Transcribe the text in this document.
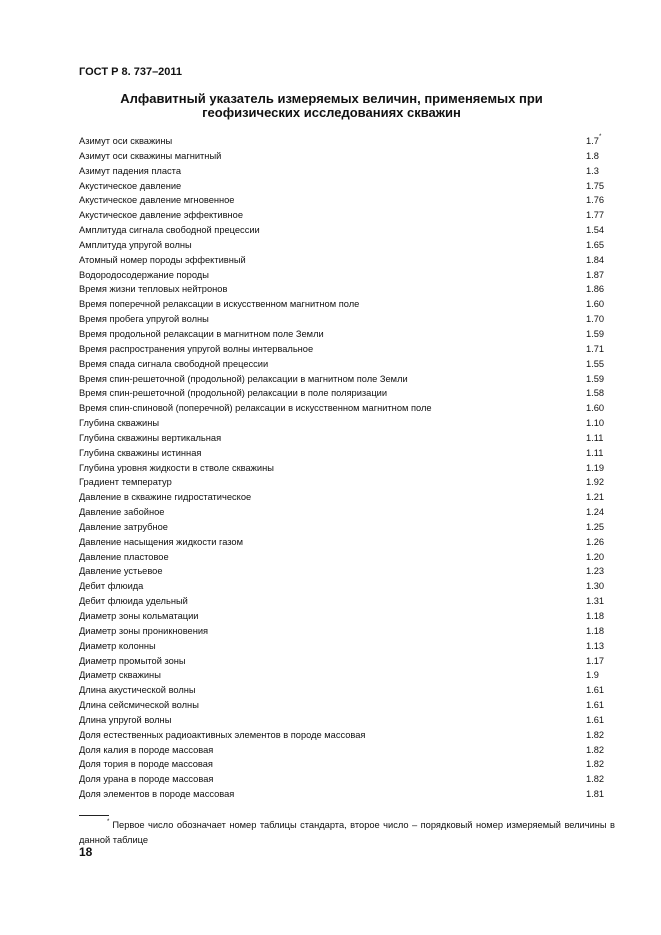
ГОСТ Р 8. 737–2011
Алфавитный указатель измеряемых величин, применяемых при
геофизических исследованиях скважин
Азимут оси скважины	1.7*
Азимут оси скважины магнитный	1.8
Азимут падения пласта	1.3
Акустическое давление	1.75
Акустическое давление мгновенное	1.76
Акустическое давление эффективное	1.77
Амплитуда сигнала свободной прецессии	1.54
Амплитуда упругой волны	1.65
Атомный номер породы эффективный	1.84
Водородосодержание породы	1.87
Время жизни тепловых нейтронов	1.86
Время поперечной релаксации в искусственном магнитном поле	1.60
Время пробега упругой волны	1.70
Время продольной релаксации в магнитном поле Земли	1.59
Время распространения упругой волны интервальное	1.71
Время спада сигнала свободной прецессии	1.55
Время спин-решеточной (продольной) релаксации в магнитном поле Земли	1.59
Время спин-решеточной (продольной) релаксации в поле поляризации	1.58
Время спин-спиновой (поперечной) релаксации в искусственном магнитном поле	1.60
Глубина скважины	1.10
Глубина скважины вертикальная	1.11
Глубина скважины истинная	1.11
Глубина уровня жидкости в стволе скважины	1.19
Градиент температур	1.92
Давление в скважине гидростатическое	1.21
Давление забойное	1.24
Давление затрубное	1.25
Давление насыщения жидкости газом	1.26
Давление пластовое	1.20
Давление устьевое	1.23
Дебит флюида	1.30
Дебит флюида удельный	1.31
Диаметр зоны кольматации	1.18
Диаметр зоны проникновения	1.18
Диаметр колонны	1.13
Диаметр промытой зоны	1.17
Диаметр скважины	1.9
Длина акустической волны	1.61
Длина сейсмической волны	1.61
Длина упругой волны	1.61
Доля естественных радиоактивных элементов в породе массовая	1.82
Доля калия в породе массовая	1.82
Доля тория в породе массовая	1.82
Доля урана в породе массовая	1.82
Доля элементов в породе массовая	1.81
* Первое число обозначает номер таблицы стандарта, второе число – порядковый номер измеряемый величины в данной таблице
18
